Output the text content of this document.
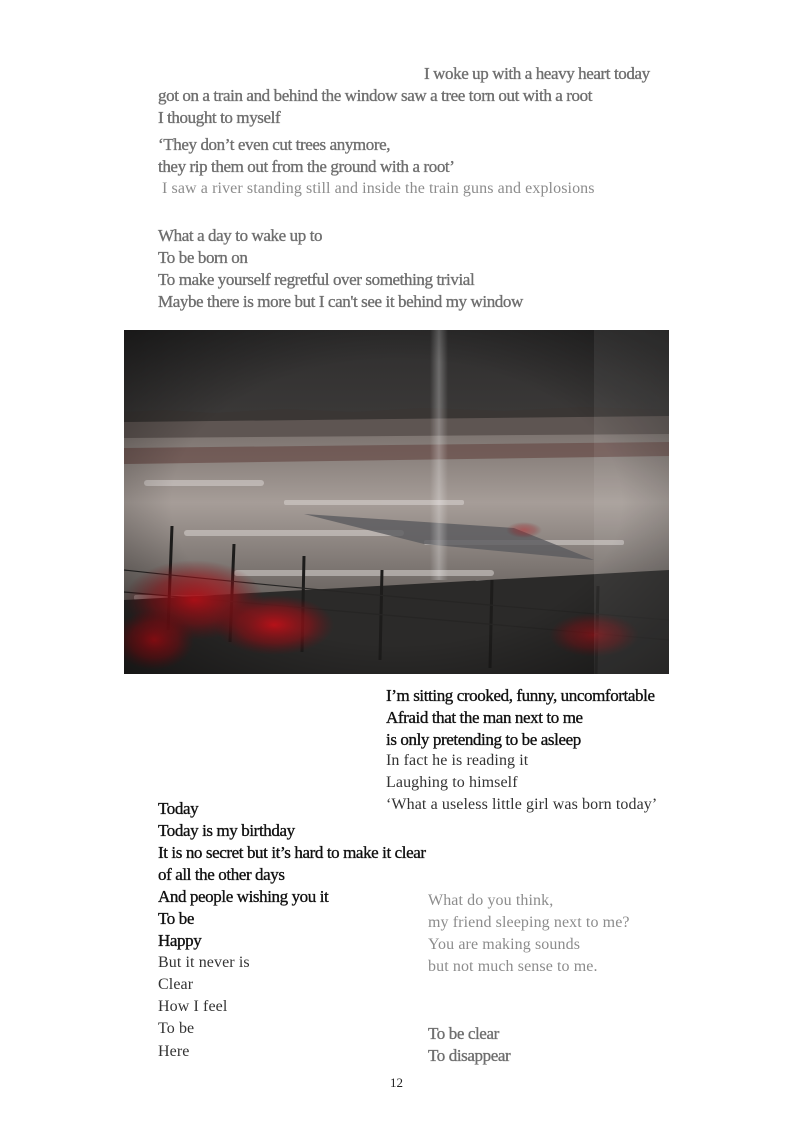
I woke up with a heavy heart today

got on a train and behind the window saw a tree torn out with a root

I thought to myself

‘They don’t even cut trees anymore,

they rip them out from the ground with a root’

I saw a river standing still and inside the train guns and explosions

What a day to wake up to

To be born on

To make yourself regretful over something trivial

Maybe there is more but I can't see it behind my window

I’m sitting crooked, funny, uncomfortable

Afraid that the man next to me

is only pretending to be asleep

In fact he is reading it

Laughing to himself

‘What a useless little girl was born today’

Today

Today is my birthday

It is no secret but it’s hard to make it clear

of all the other days

And people wishing you it

To be

Happy

But it never is

Clear

How I feel

To be

Here

What do you think,

my friend sleeping next to me?

You are making sounds

but not much sense to me.

To be clear

To disappear

12
